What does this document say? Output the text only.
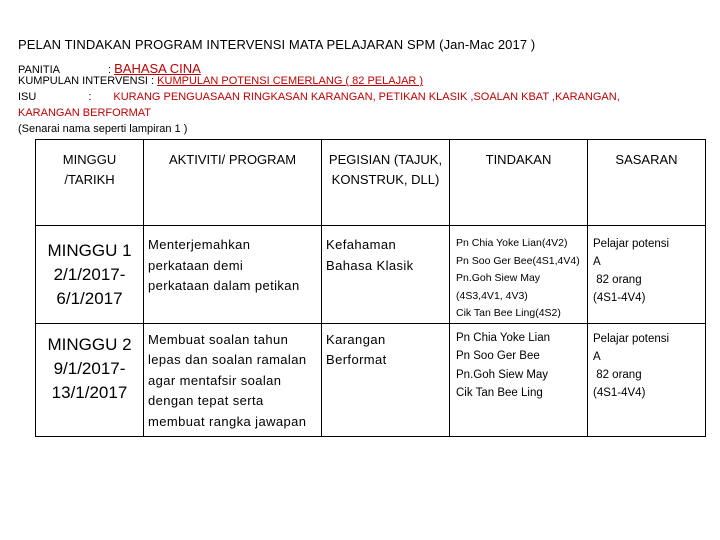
PELAN TINDAKAN PROGRAM INTERVENSI MATA PELAJARAN SPM (Jan-Mac 2017 )
PANITIA	: BAHASA CINA
KUMPULAN INTERVENSI : KUMPULAN POTENSI CEMERLANG ( 82 PELAJAR )
ISU	: KURANG PENGUASAAN RINGKASAN KARANGAN, PETIKAN KLASIK ,SOALAN KBAT ,KARANGAN,
KARANGAN BERFORMAT
(Senarai nama seperti lampiran 1 )
MINGGU
/TARIKH	AKTIVITI/ PROGRAM	PEGISIAN (TAJUK,
KONSTRUK, DLL)	TINDAKAN	SASARAN

MINGGU 1
2/1/2017-
6/1/2017	Menterjemahkan
perkataan demi
perkataan dalam petikan	Kefahaman
Bahasa Klasik	Pn Chia Yoke Lian(4V2)
Pn Soo Ger Bee(4S1,4V4)
Pn.Goh Siew May
(4S3,4V1, 4V3)
Cik Tan Bee Ling(4S2)	Pelajar potensi
A
82 orang
(4S1-4V4)

MINGGU 2
9/1/2017-
13/1/2017	Membuat soalan tahun
lepas dan soalan ramalan
agar mentafsir soalan
dengan tepat serta
membuat rangka jawapan	Karangan
Berformat	Pn Chia Yoke Lian
Pn Soo Ger Bee
Pn.Goh Siew May
Cik Tan Bee Ling	Pelajar potensi
A
82 orang
(4S1-4V4)
